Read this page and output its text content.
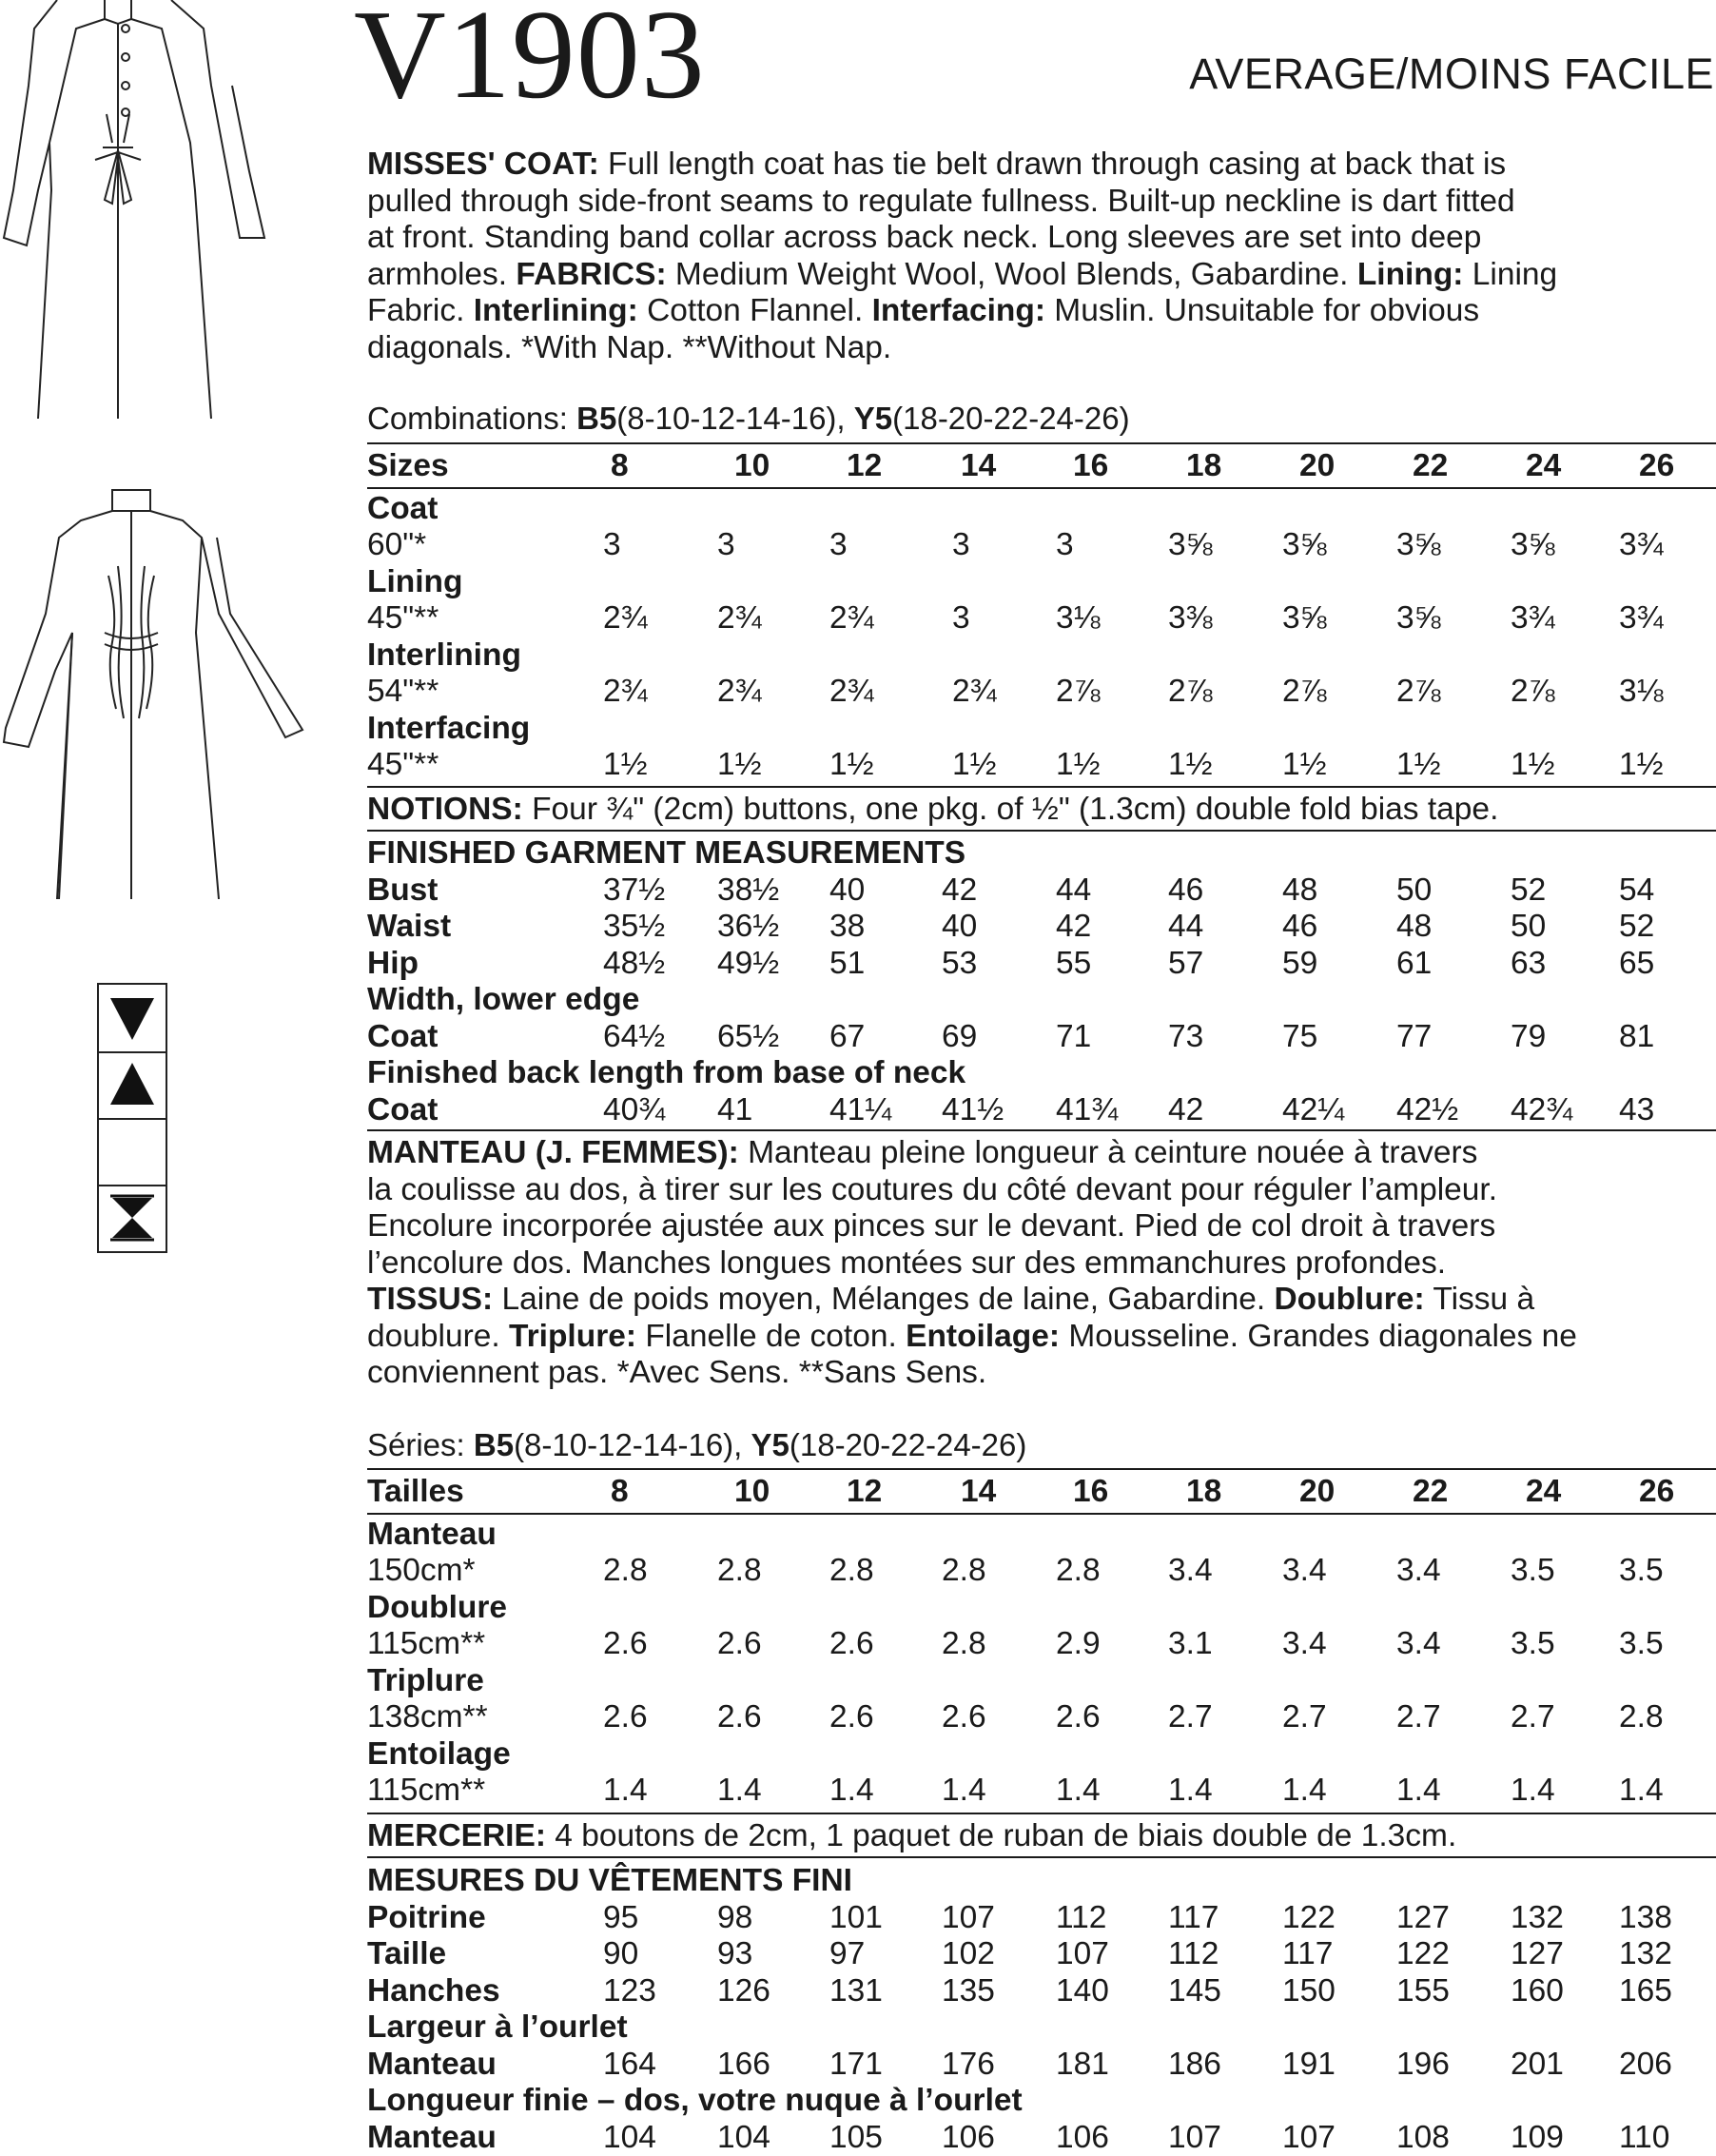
V1903	AVERAGE/MOINS FACILE
MISSES' COAT: Full length coat has tie belt drawn through casing at back that is
pulled through side-front seams to regulate fullness. Built-up neckline is dart fitted
at front. Standing band collar across back neck. Long sleeves are set into deep
armholes. FABRICS: Medium Weight Wool, Wool Blends, Gabardine. Lining: Lining
Fabric. Interlining: Cotton Flannel. Interfacing: Muslin. Unsuitable for obvious
diagonals. *With Nap. **Without Nap.
Combinations: B5(8-10-12-14-16), Y5(18-20-22-24-26)
Sizes	8	10 12 14 16 18 20 22 24 26
Coat
60"*	3	3	3	3	3	3⅝ 3⅝ 3⅝ 3⅝ 3¾
Lining
45"**	2¾ 2¾ 2¾ 3	3⅛ 3⅜ 3⅝ 3⅝ 3¾ 3¾
Interlining
54"**	2¾ 2¾ 2¾ 2¾ 2⅞ 2⅞ 2⅞ 2⅞ 2⅞ 3⅛
Interfacing
45"**	1½ 1½ 1½ 1½ 1½ 1½ 1½ 1½ 1½ 1½
NOTIONS: Four ¾" (2cm) buttons, one pkg. of ½" (1.3cm) double fold bias tape.
FINISHED GARMENT MEASUREMENTS
Bust	37½ 38½ 40 42 44 46 48 50 52 54
Waist	35½ 36½ 38 40 42 44 46 48 50 52
Hip	48½ 49½ 51 53 55 57 59 61 63 65
Width, lower edge
Coat	64½ 65½ 67 69 71 73 75 77 79 81
Finished back length from base of neck
Coat	40¾ 41 41¼ 41½ 41¾ 42 42¼ 42½ 42¾ 43
MANTEAU (J. FEMMES): Manteau pleine longueur à ceinture nouée à travers
la coulisse au dos, à tirer sur les coutures du côté devant pour réguler l’ampleur.
Encolure incorporée ajustée aux pinces sur le devant. Pied de col droit à travers
l’encolure dos. Manches longues montées sur des emmanchures profondes.
TISSUS: Laine de poids moyen, Mélanges de laine, Gabardine. Doublure: Tissu à
doublure. Triplure: Flanelle de coton. Entoilage: Mousseline. Grandes diagonales ne
conviennent pas. *Avec Sens. **Sans Sens.
Séries: B5(8-10-12-14-16), Y5(18-20-22-24-26)
Tailles	8	10 12 14 16 18 20 22 24 26
Manteau
150cm*	2.8 2.8 2.8 2.8 2.8 3.4 3.4 3.4 3.5 3.5
Doublure
115cm**	2.6 2.6 2.6 2.8 2.9 3.1 3.4 3.4 3.5 3.5
Triplure
138cm**	2.6 2.6 2.6 2.6 2.6 2.7 2.7 2.7 2.7 2.8
Entoilage
115cm**	1.4 1.4 1.4 1.4 1.4 1.4 1.4 1.4 1.4 1.4
MERCERIE: 4 boutons de 2cm, 1 paquet de ruban de biais double de 1.3cm.
MESURES DU VÊTEMENTS FINI
Poitrine	95 98 101 107 112 117 122 127 132 138
Taille	90 93 97 102 107 112 117 122 127 132
Hanches	123 126 131 135 140 145 150 155 160 165
Largeur à l’ourlet
Manteau	164 166 171 176 181 186 191 196 201 206
Longueur finie – dos, votre nuque à l’ourlet
Manteau	104 104 105 106 106 107 107 108 109 110
